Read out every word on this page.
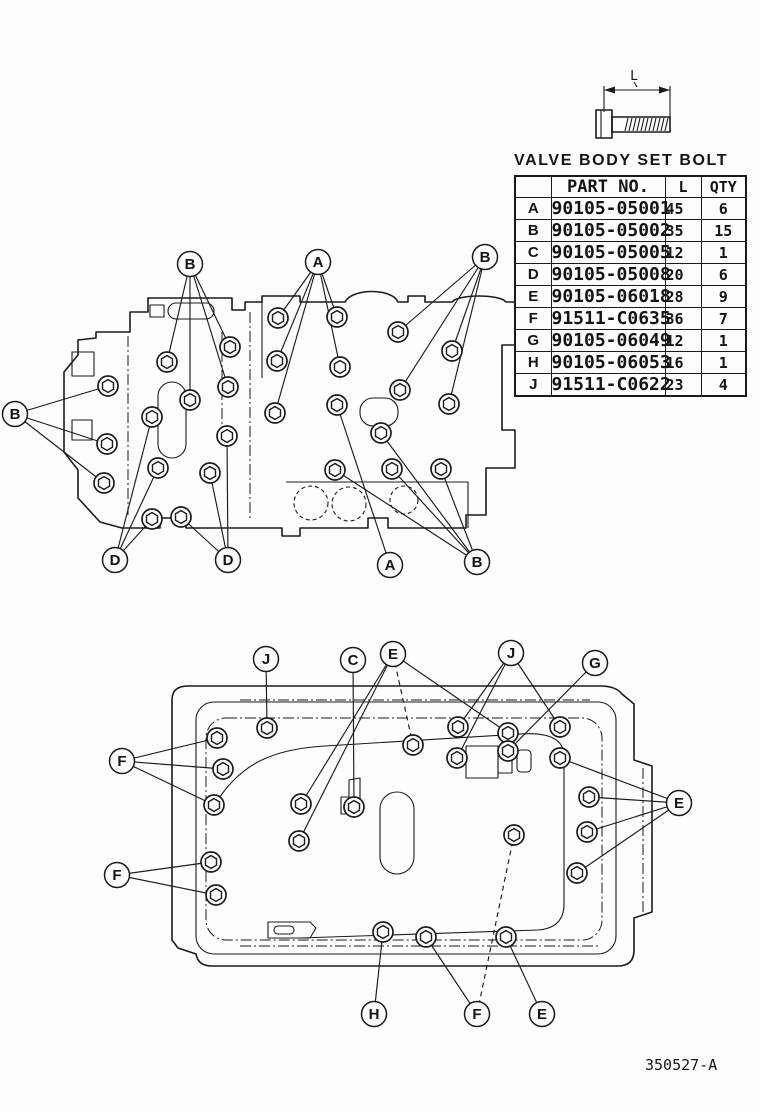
L
B	A	B
B
D	D	A	B
J	C E	J
G
F
E
F
H	F	E
VALVE BODY SET BOLT
	PART NO.	L	QTY
A	90105-05001	45	6
B	90105-05002	35	15
C	90105-05005	12	1
D	90105-05008	20	6
E	90105-06018	28	9
F	91511-C0635	36	7
G	90105-06049	12	1
H	90105-06053	16	1
J	91511-C0622	23	4
350527-A
